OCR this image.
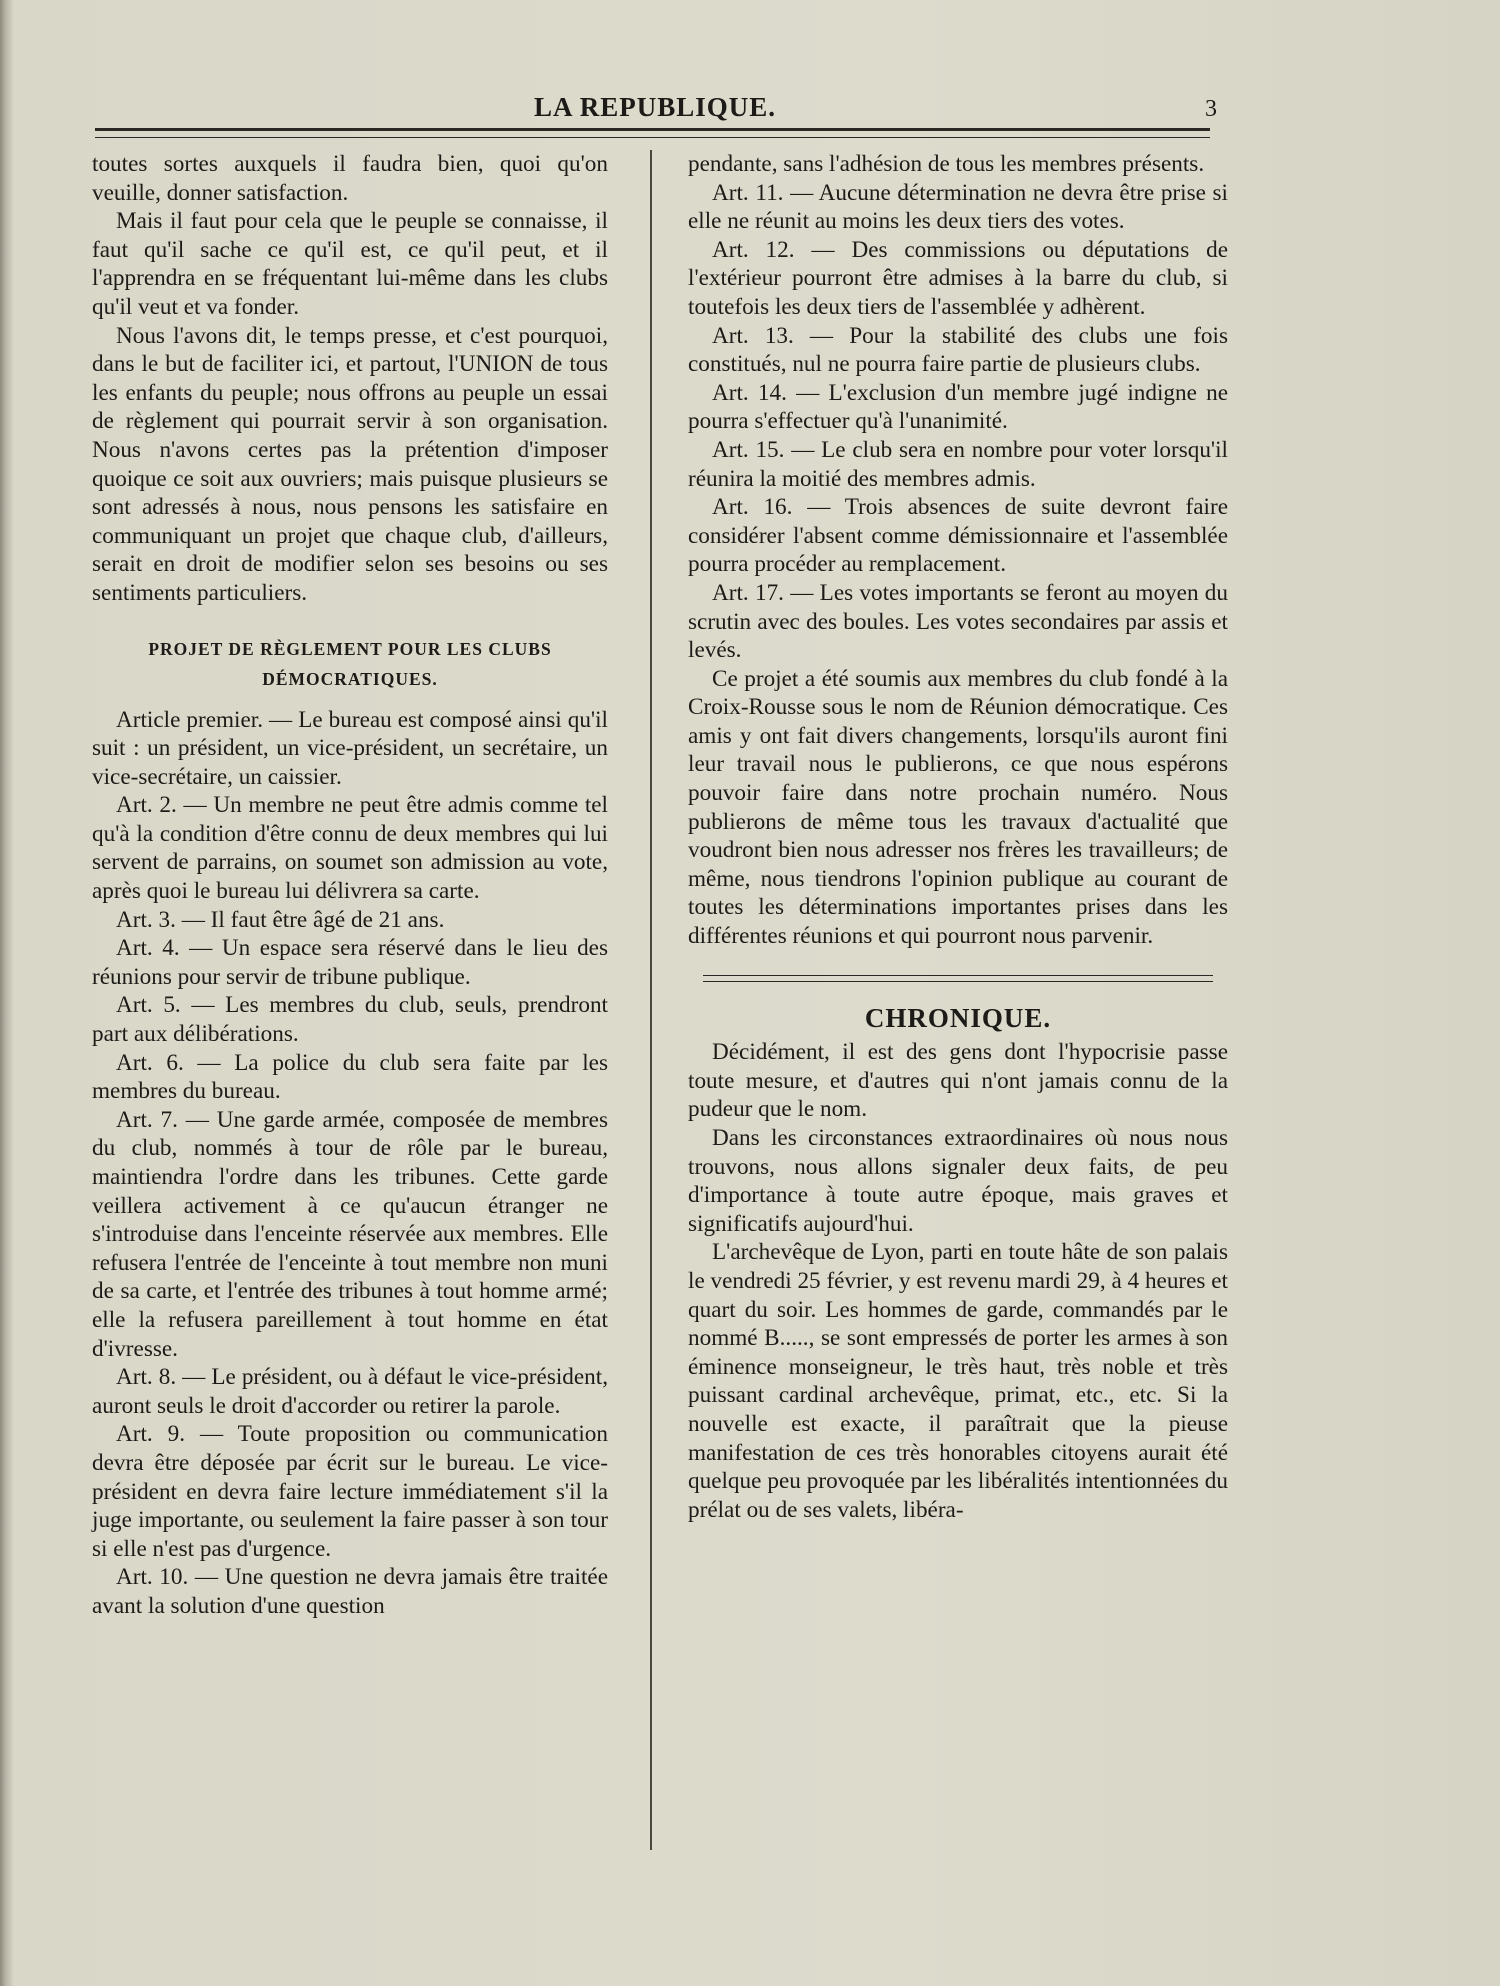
LA REPUBLIQUE.	3

toutes sortes auxquels il faudra bien, quoi qu'on veuille, donner satisfaction.

Mais il faut pour cela que le peuple se connaisse, il faut qu'il sache ce qu'il est, ce qu'il peut, et il l'apprendra en se fréquentant lui-même dans les clubs qu'il veut et va fonder.

Nous l'avons dit, le temps presse, et c'est pourquoi, dans le but de faciliter ici, et partout, l'UNION de tous les enfants du peuple; nous offrons au peuple un essai de règlement qui pourrait servir à son organisation. Nous n'avons certes pas la prétention d'imposer quoique ce soit aux ouvriers; mais puisque plusieurs se sont adressés à nous, nous pensons les satisfaire en communiquant un projet que chaque club, d'ailleurs, serait en droit de modifier selon ses besoins ou ses sentiments particuliers.

PROJET DE RÈGLEMENT POUR LES CLUBS DÉMOCRATIQUES.

Article premier. — Le bureau est composé ainsi qu'il suit : un président, un vice-président, un secrétaire, un vice-secrétaire, un caissier.

Art. 2. — Un membre ne peut être admis comme tel qu'à la condition d'être connu de deux membres qui lui servent de parrains, on soumet son admission au vote, après quoi le bureau lui délivrera sa carte.

Art. 3. — Il faut être âgé de 21 ans.

Art. 4. — Un espace sera réservé dans le lieu des réunions pour servir de tribune publique.

Art. 5. — Les membres du club, seuls, prendront part aux délibérations.

Art. 6. — La police du club sera faite par les membres du bureau.

Art. 7. — Une garde armée, composée de membres du club, nommés à tour de rôle par le bureau, maintiendra l'ordre dans les tribunes. Cette garde veillera activement à ce qu'aucun étranger ne s'introduise dans l'enceinte réservée aux membres. Elle refusera l'entrée de l'enceinte à tout membre non muni de sa carte, et l'entrée des tribunes à tout homme armé; elle la refusera pareillement à tout homme en état d'ivresse.

Art. 8. — Le président, ou à défaut le vice-président, auront seuls le droit d'accorder ou retirer la parole.

Art. 9. — Toute proposition ou communication devra être déposée par écrit sur le bureau. Le vice-président en devra faire lecture immédiatement s'il la juge importante, ou seulement la faire passer à son tour si elle n'est pas d'urgence.

Art. 10. — Une question ne devra jamais être traitée avant la solution d'une question

pendante, sans l'adhésion de tous les membres présents.

Art. 11. — Aucune détermination ne devra être prise si elle ne réunit au moins les deux tiers des votes.

Art. 12. — Des commissions ou députations de l'extérieur pourront être admises à la barre du club, si toutefois les deux tiers de l'assemblée y adhèrent.

Art. 13. — Pour la stabilité des clubs une fois constitués, nul ne pourra faire partie de plusieurs clubs.

Art. 14. — L'exclusion d'un membre jugé indigne ne pourra s'effectuer qu'à l'unanimité.

Art. 15. — Le club sera en nombre pour voter lorsqu'il réunira la moitié des membres admis.

Art. 16. — Trois absences de suite devront faire considérer l'absent comme démissionnaire et l'assemblée pourra procéder au remplacement.

Art. 17. — Les votes importants se feront au moyen du scrutin avec des boules. Les votes secondaires par assis et levés.

Ce projet a été soumis aux membres du club fondé à la Croix-Rousse sous le nom de Réunion démocratique. Ces amis y ont fait divers changements, lorsqu'ils auront fini leur travail nous le publierons, ce que nous espérons pouvoir faire dans notre prochain numéro. Nous publierons de même tous les travaux d'actualité que voudront bien nous adresser nos frères les travailleurs; de même, nous tiendrons l'opinion publique au courant de toutes les déterminations importantes prises dans les différentes réunions et qui pourront nous parvenir.

CHRONIQUE.

Décidément, il est des gens dont l'hypocrisie passe toute mesure, et d'autres qui n'ont jamais connu de la pudeur que le nom.

Dans les circonstances extraordinaires où nous nous trouvons, nous allons signaler deux faits, de peu d'importance à toute autre époque, mais graves et significatifs aujourd'hui.

L'archevêque de Lyon, parti en toute hâte de son palais le vendredi 25 février, y est revenu mardi 29, à 4 heures et quart du soir. Les hommes de garde, commandés par le nommé B....., se sont empressés de porter les armes à son éminence monseigneur, le très haut, très noble et très puissant cardinal archevêque, primat, etc., etc. Si la nouvelle est exacte, il paraîtrait que la pieuse manifestation de ces très honorables citoyens aurait été quelque peu provoquée par les libéralités intentionnées du prélat ou de ses valets, libéra-
